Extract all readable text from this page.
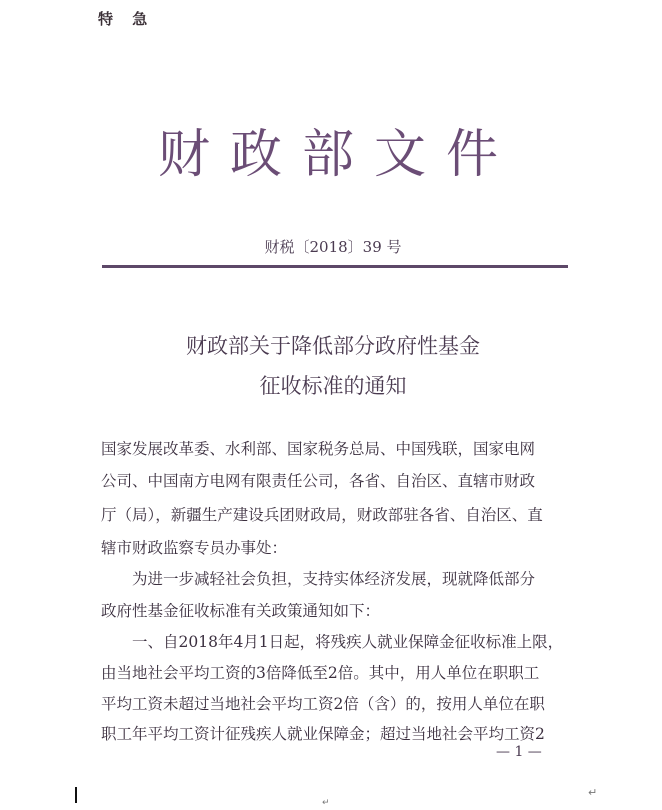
特 急
财政部文件
财税〔2018〕39 号
财政部关于降低部分政府性基金
征收标准的通知
国家发展改革委、水利部、国家税务总局、中国残联，国家电网
公司、中国南方电网有限责任公司，各省、自治区、直辖市财政
厅（局），新疆生产建设兵团财政局，财政部驻各省、自治区、直
辖市财政监察专员办事处：
　　为进一步减轻社会负担，支持实体经济发展，现就降低部分
政府性基金征收标准有关政策通知如下：
　　一、自2018年4月1日起，将残疾人就业保障金征收标准上限，
由当地社会平均工资的3倍降低至2倍。其中，用人单位在职职工
平均工资未超过当地社会平均工资2倍（含）的，按用人单位在职
职工年平均工资计征残疾人就业保障金；超过当地社会平均工资2
— 1 —
↵
↵
